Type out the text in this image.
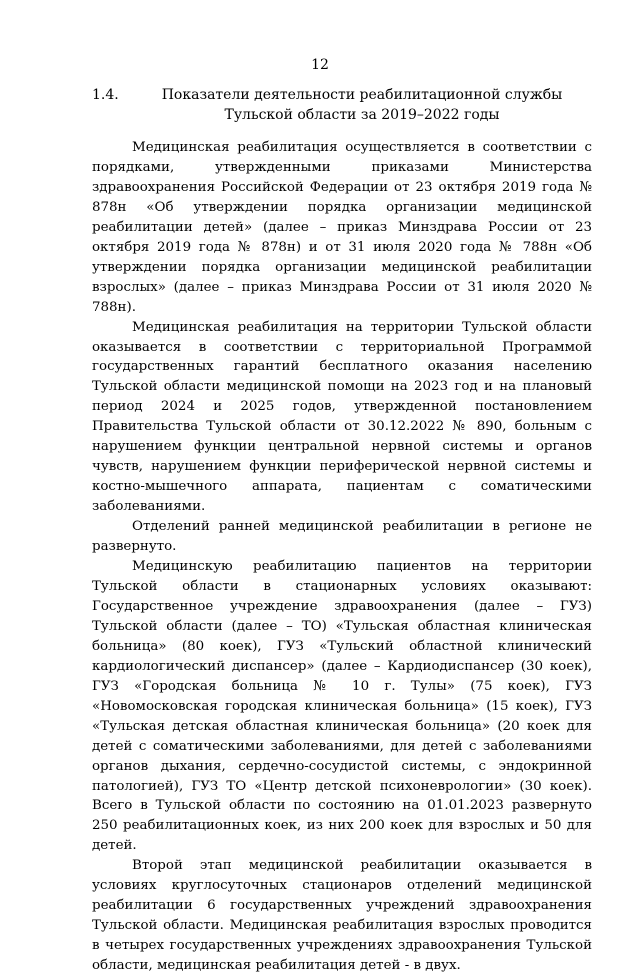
12
1.4.	Показатели деятельности реабилитационной службы Тульской области за 2019–2022 годы

Медицинская реабилитация осуществляется в соответствии с порядками, утвержденными приказами Министерства здравоохранения Российской Федерации от 23 октября 2019 года № 878н «Об утверждении порядка организации медицинской реабилитации детей» (далее – приказ Минздрава России от 23 октября 2019 года № 878н) и от 31 июля 2020 года № 788н «Об утверждении порядка организации медицинской реабилитации взрослых» (далее – приказ Минздрава России от 31 июля 2020 № 788н).

Медицинская реабилитация на территории Тульской области оказывается в соответствии с территориальной Программой государственных гарантий бесплатного оказания населению Тульской области медицинской помощи на 2023 год и на плановый период 2024 и 2025 годов, утвержденной постановлением Правительства Тульской области от 30.12.2022 № 890, больным с нарушением функции центральной нервной системы и органов чувств, нарушением функции периферической нервной системы и костно-мышечного аппарата, пациентам с соматическими заболеваниями.

Отделений ранней медицинской реабилитации в регионе не развернуто.

Медицинскую реабилитацию пациентов на территории Тульской области в стационарных условиях оказывают: Государственное учреждение здравоохранения (далее – ГУЗ) Тульской области (далее – ТО) «Тульская областная клиническая больница» (80 коек), ГУЗ «Тульский областной клинический кардиологический диспансер» (далее – Кардиодиспансер (30 коек), ГУЗ «Городская больница № 10 г. Тулы» (75 коек), ГУЗ «Новомосковская городская клиническая больница» (15 коек), ГУЗ «Тульская детская областная клиническая больница» (20 коек для детей с соматическими заболеваниями, для детей с заболеваниями органов дыхания, сердечно-сосудистой системы, с эндокринной патологией), ГУЗ ТО «Центр детской психоневрологии» (30 коек). Всего в Тульской области по состоянию на 01.01.2023 развернуто 250 реабилитационных коек, из них 200 коек для взрослых и 50 для детей.

Второй этап медицинской реабилитации оказывается в условиях круглосуточных стационаров отделений медицинской реабилитации 6 государственных учреждений здравоохранения Тульской области. Медицинская реабилитация взрослых проводится в четырех государственных учреждениях здравоохранения Тульской области, медицинская реабилитация детей - в двух.
